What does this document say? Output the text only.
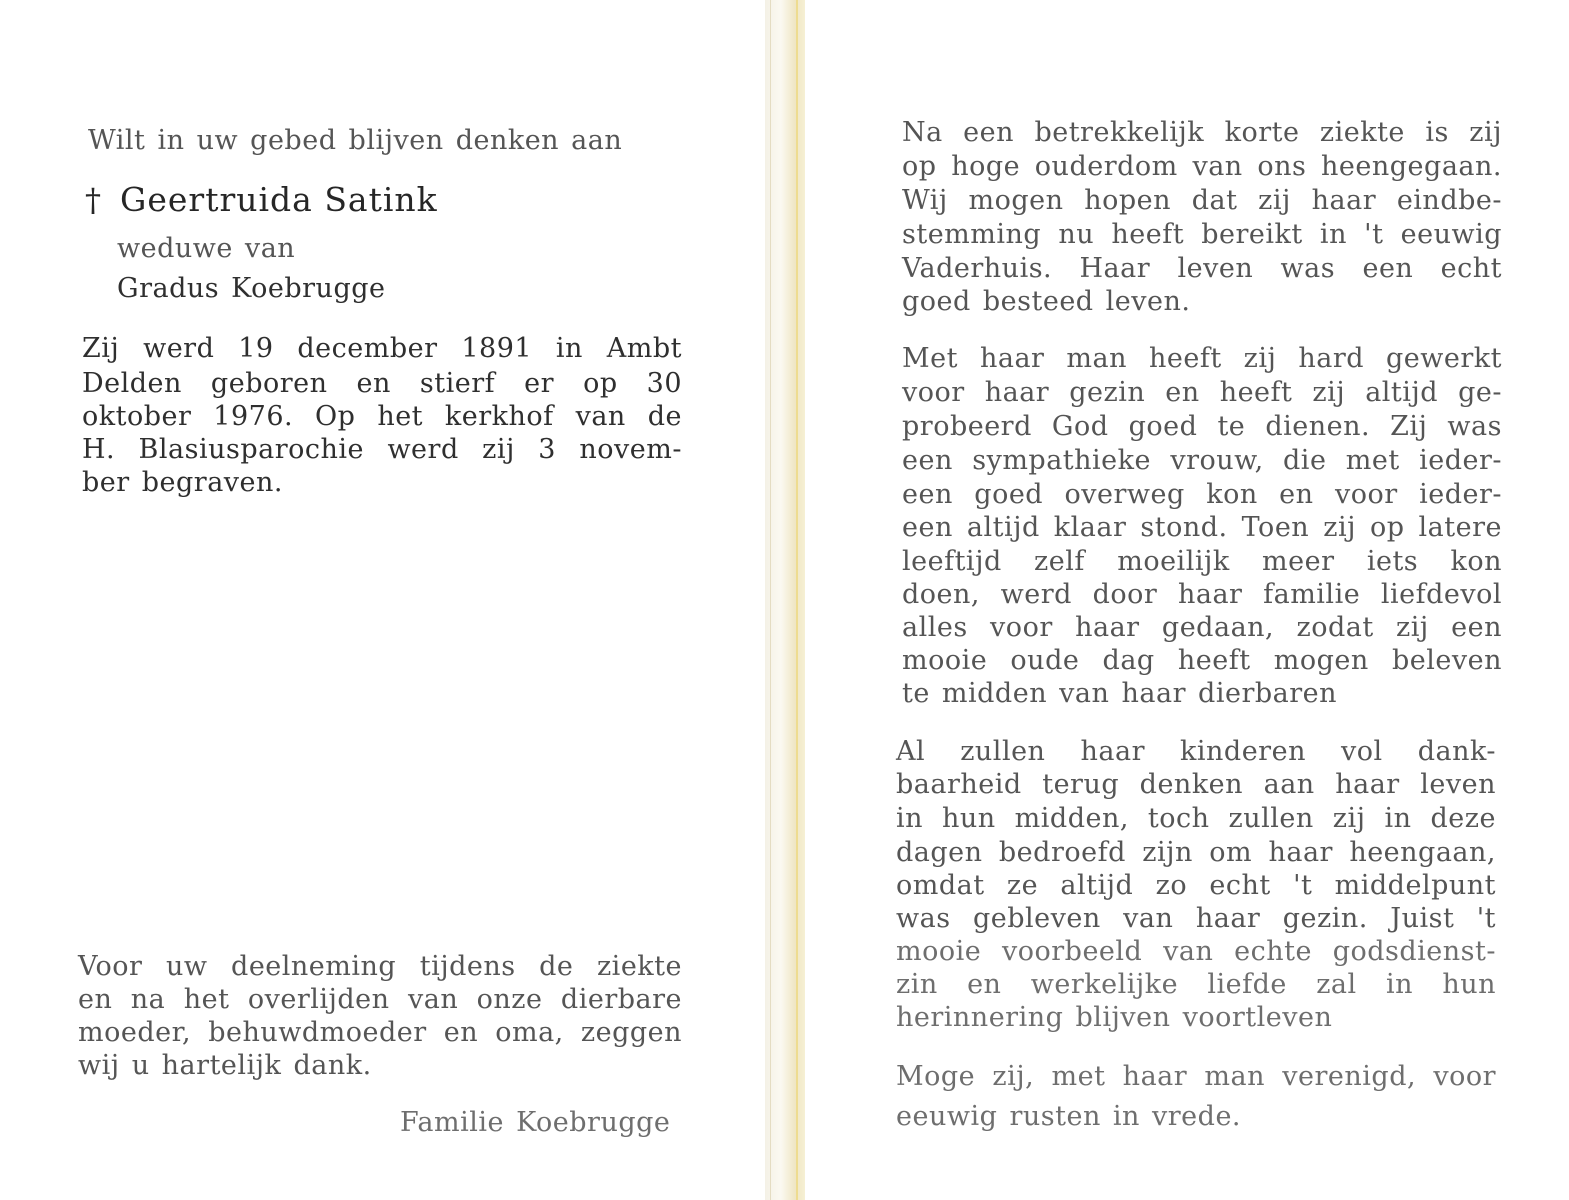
Wilt in uw gebed blijven denken aan

† Geertruida Satink

weduwe van

Gradus Koebrugge

Zij werd 19 december 1891 in Ambt

Delden geboren en stierf er op 30

oktober 1976. Op het kerkhof van de

H. Blasiusparochie werd zij 3 novem-

ber begraven.

Voor uw deelneming tijdens de ziekte

en na het overlijden van onze dierbare

moeder, behuwdmoeder en oma, zeggen

wij u hartelijk dank.

Familie Koebrugge

Na een betrekkelijk korte ziekte is zij

op hoge ouderdom van ons heengegaan.

Wij mogen hopen dat zij haar eindbe-

stemming nu heeft bereikt in 't eeuwig

Vaderhuis. Haar leven was een echt

goed besteed leven.

Met haar man heeft zij hard gewerkt

voor haar gezin en heeft zij altijd ge-

probeerd God goed te dienen. Zij was

een sympathieke vrouw, die met ieder-

een goed overweg kon en voor ieder-

een altijd klaar stond. Toen zij op latere

leeftijd zelf moeilijk meer iets kon

doen, werd door haar familie liefdevol

alles voor haar gedaan, zodat zij een

mooie oude dag heeft mogen beleven

te midden van haar dierbaren

Al zullen haar kinderen vol dank-

baarheid terug denken aan haar leven

in hun midden, toch zullen zij in deze

dagen bedroefd zijn om haar heengaan,

omdat ze altijd zo echt 't middelpunt

was gebleven van haar gezin. Juist 't

mooie voorbeeld van echte godsdienst-

zin en werkelijke liefde zal in hun

herinnering blijven voortleven

Moge zij, met haar man verenigd, voor

eeuwig rusten in vrede.
